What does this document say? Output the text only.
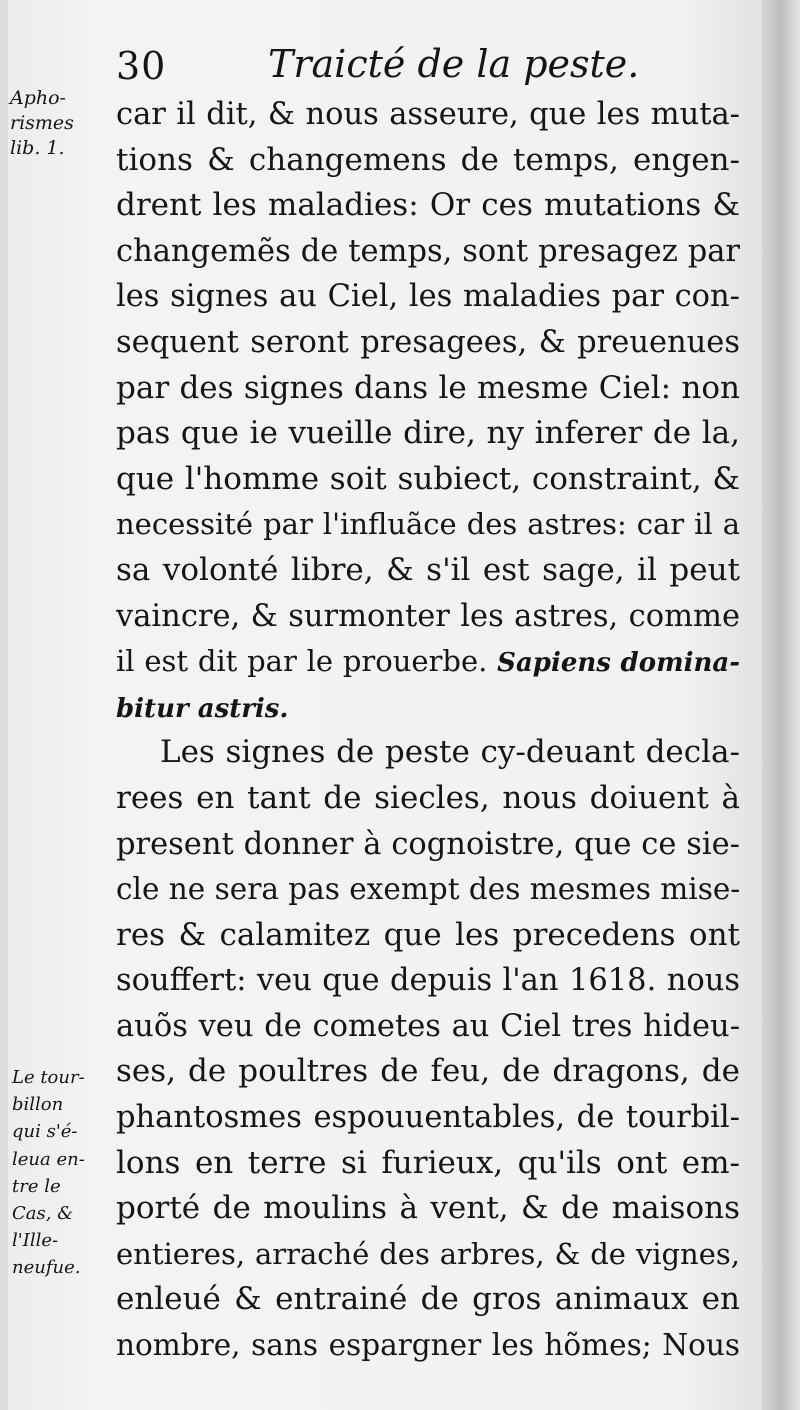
30	Traicté de la peste.
Apho-
rismes
lib. 1.
Le tour-
billon
qui s'é-
leua en-
tre le
Cas, &
l'Ille-
neufue.
car il dit, & nous asseure, que les muta-
tions & changemens de temps, engen-
drent les maladies: Or ces mutations &
changemẽs de temps, sont presagez par
les signes au Ciel, les maladies par con-
sequent seront presagees, & preuenues
par des signes dans le mesme Ciel: non
pas que ie vueille dire, ny inferer de la,
que l'homme soit subiect, constraint, &
necessité par l'influãce des astres: car il a
sa volonté libre, & s'il est sage, il peut
vaincre, & surmonter les astres, comme
il est dit par le prouerbe. Sapiens domina-
bitur astris.
Les signes de peste cy-deuant decla-
rees en tant de siecles, nous doiuent à
present donner à cognoistre, que ce sie-
cle ne sera pas exempt des mesmes mise-
res & calamitez que les precedens ont
souffert: veu que depuis l'an 1618. nous
auõs veu de cometes au Ciel tres hideu-
ses, de poultres de feu, de dragons, de
phantosmes espouuentables, de tourbil-
lons en terre si furieux, qu'ils ont em-
porté de moulins à vent, & de maisons
entieres, arraché des arbres, & de vignes,
enleué & entrainé de gros animaux en
nombre, sans espargner les hõmes; Nous
